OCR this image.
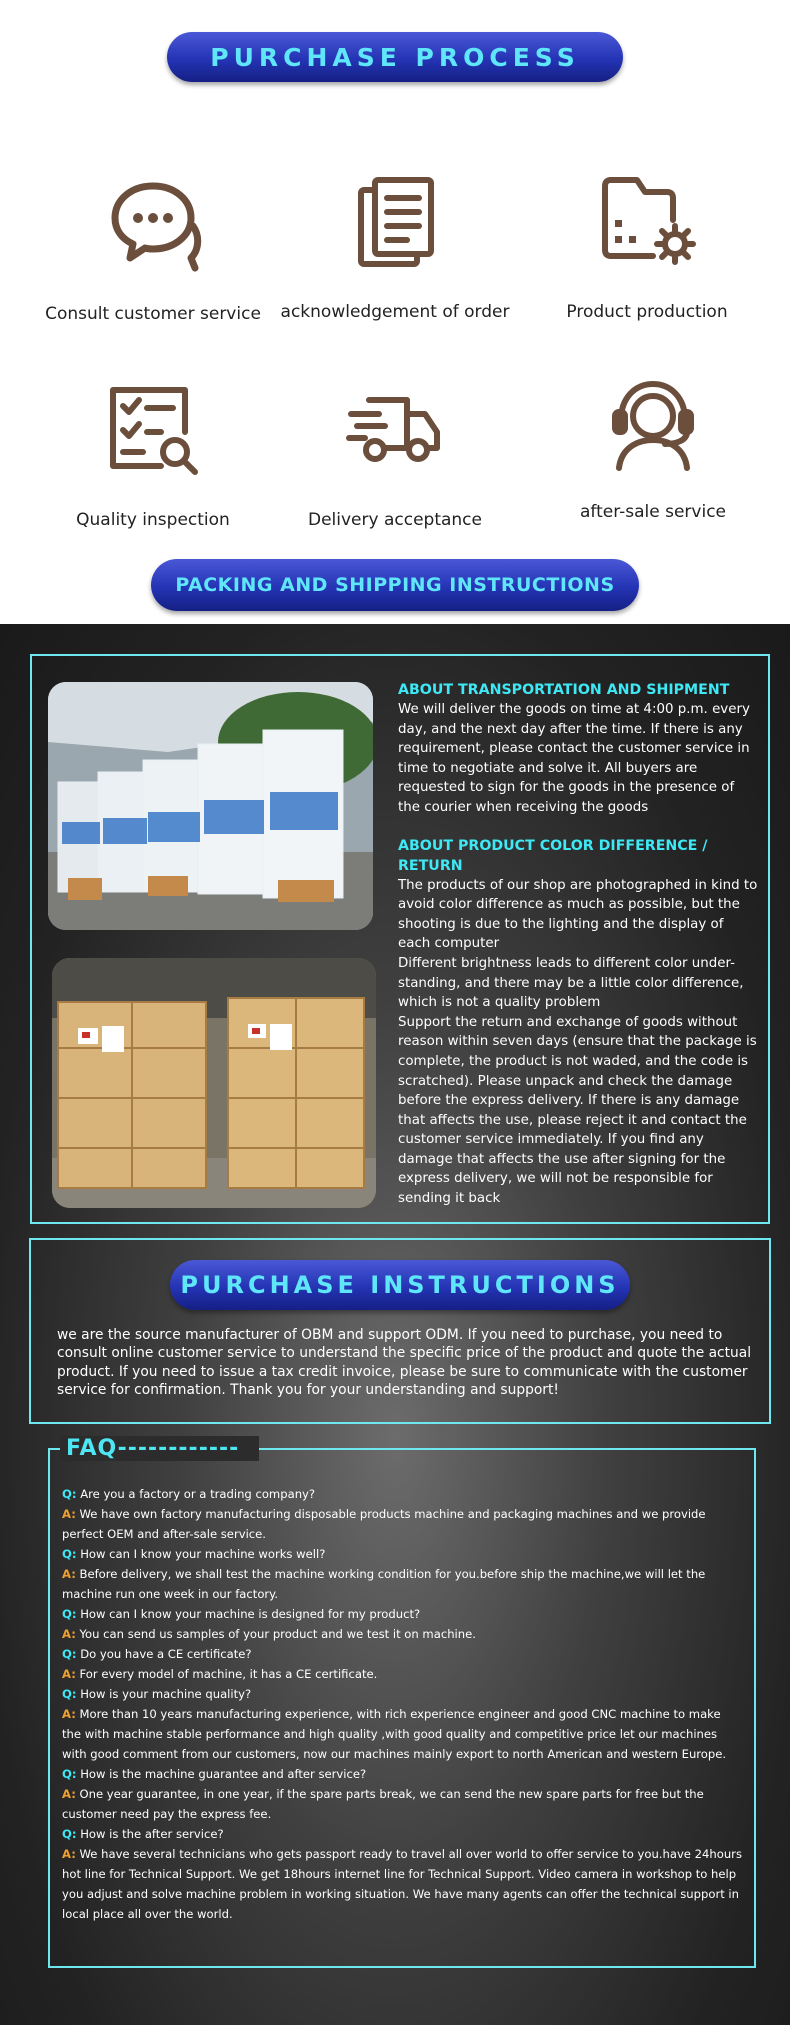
PURCHASE PROCESS
Consult customer service	acknowledgement of order	Product production
Quality inspection	Delivery acceptance	after-sale service
PACKING AND SHIPPING INSTRUCTIONS
ABOUT TRANSPORTATION AND SHIPMENT

We will deliver the goods on time at 4:00 p.m. every day, and the next day after the time. If there is any requirement, please contact the customer service in time to negotiate and solve it. All buyers are requested to sign for the goods in the presence of the courier when receiving the goods

ABOUT PRODUCT COLOR DIFFERENCE / RETURN

The products of our shop are photographed in kind to avoid color difference as much as possible, but the shooting is due to the lighting and the display of each computer

Different brightness leads to different color under-standing, and there may be a little color difference, which is not a quality problem

Support the return and exchange of goods without reason within seven days (ensure that the package is complete, the product is not waded, and the code is scratched). Please unpack and check the damage before the express delivery. If there is any damage that affects the use, please reject it and contact the customer service immediately. If you find any damage that affects the use after signing for the express delivery, we will not be responsible for sending it back

PURCHASE INSTRUCTIONS
we are the source manufacturer of OBM and support ODM. If you need to purchase, you need to consult online customer service to understand the specific price of the product and quote the actual product. If you need to issue a tax credit invoice, please be sure to communicate with the customer service for confirmation. Thank you for your understanding and support!
FAQ------------

Q: Are you a factory or a trading company?

A: We have own factory manufacturing disposable products machine and packaging machines and we provide perfect OEM and after-sale service.

Q: How can I know your machine works well?

A: Before delivery, we shall test the machine working condition for you.before ship the machine,we will let the machine run one week in our factory.

Q: How can I know your machine is designed for my product?

A: You can send us samples of your product and we test it on machine.

Q: Do you have a CE certificate?

A: For every model of machine, it has a CE certificate.

Q: How is your machine quality?

A: More than 10 years manufacturing experience, with rich experience engineer and good CNC machine to make the with machine stable performance and high quality ,with good quality and competitive price let our machines with good comment from our customers, now our machines mainly export to north American and western Europe.

Q: How is the machine guarantee and after service?

A: One year guarantee, in one year, if the spare parts break, we can send the new spare parts for free but the customer need pay the express fee.

Q: How is the after service?

A: We have several technicians who gets passport ready to travel all over world to offer service to you.have 24hours hot line for Technical Support. We get 18hours internet line for Technical Support. Video camera in workshop to help you adjust and solve machine problem in working situation. We have many agents can offer the technical support in local place all over the world.
